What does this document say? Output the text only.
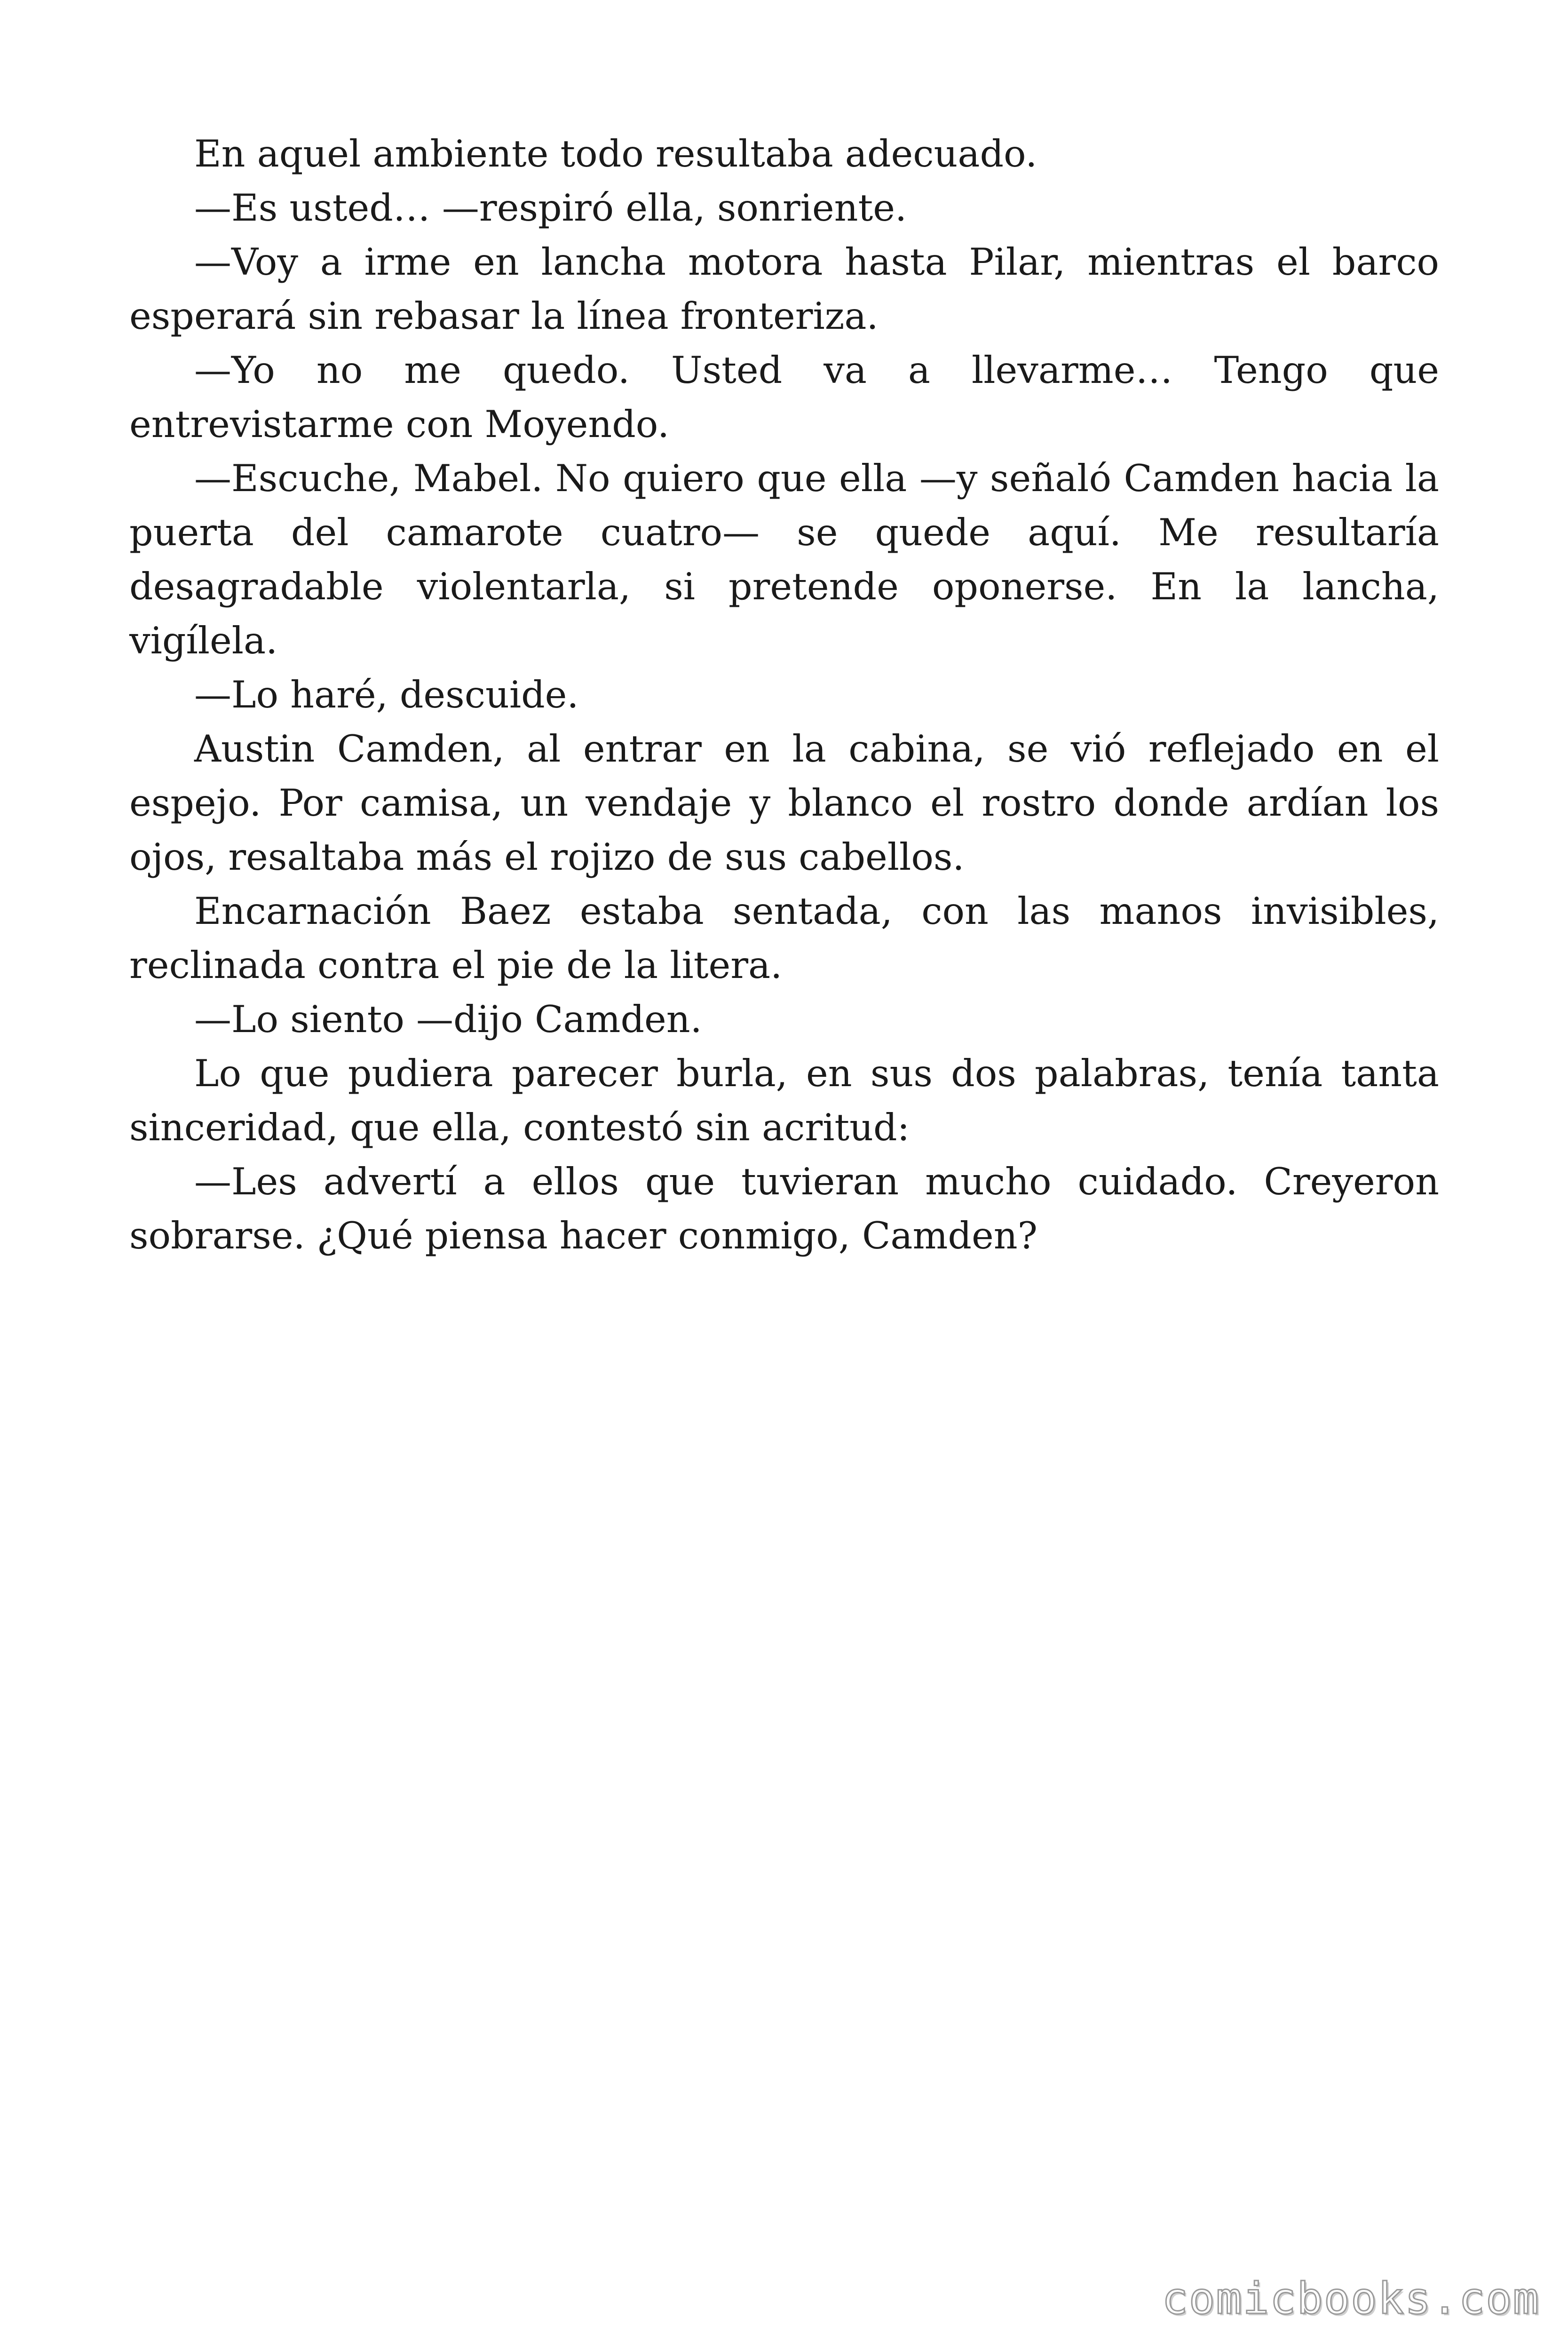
En aquel ambiente todo resultaba adecuado.

—Es usted… —respiró ella, sonriente.

—Voy a irme en lancha motora hasta Pilar, mientras el barco esperará sin rebasar la línea fronteriza.

—Yo no me quedo. Usted va a llevarme… Tengo que entrevistarme con Moyendo.

—Escuche, Mabel. No quiero que ella —y señaló Camden hacia la puerta del camarote cuatro— se quede aquí. Me resultaría desagradable violentarla, si pretende oponerse. En la lancha, vigílela.

—Lo haré, descuide.

Austin Camden, al entrar en la cabina, se vió reflejado en el espejo. Por camisa, un vendaje y blanco el rostro donde ardían los ojos, resaltaba más el rojizo de sus cabellos.

Encarnación Baez estaba sentada, con las manos invisibles, reclinada contra el pie de la litera.

—Lo siento —dijo Camden.

Lo que pudiera parecer burla, en sus dos palabras, tenía tanta sinceridad, que ella, contestó sin acritud:

—Les advertí a ellos que tuvieran mucho cuidado. Creyeron sobrarse. ¿Qué piensa hacer conmigo, Camden?

comicbooks.com
